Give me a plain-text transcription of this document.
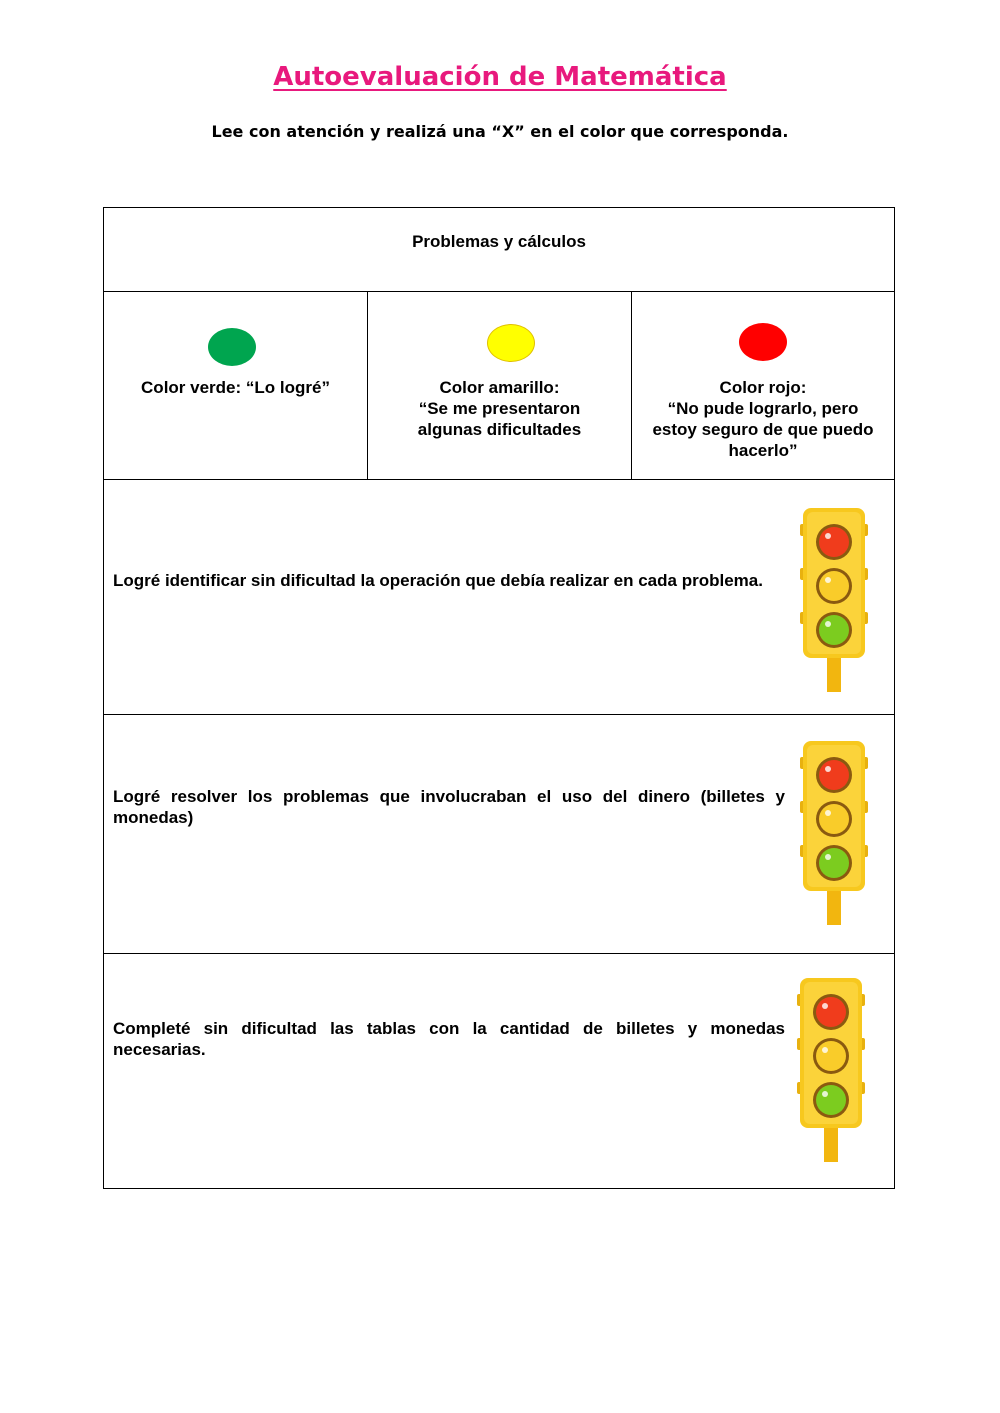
Autoevaluación de Matemática
Lee con atención y realizá una “X” en el color que corresponda.
Problemas y cálculos
Color verde: “Lo logré”	Color amarillo:
“Se me presentaron
algunas dificultades
Color rojo:
“No pude lograrlo, pero
estoy seguro de que puedo
hacerlo”
Logré identificar sin dificultad la operación que debía realizar en cada problema.
Logré resolver los problemas que involucraban el uso del dinero (billetes y monedas)
Completé sin dificultad las tablas con la cantidad de billetes y monedas necesarias.
